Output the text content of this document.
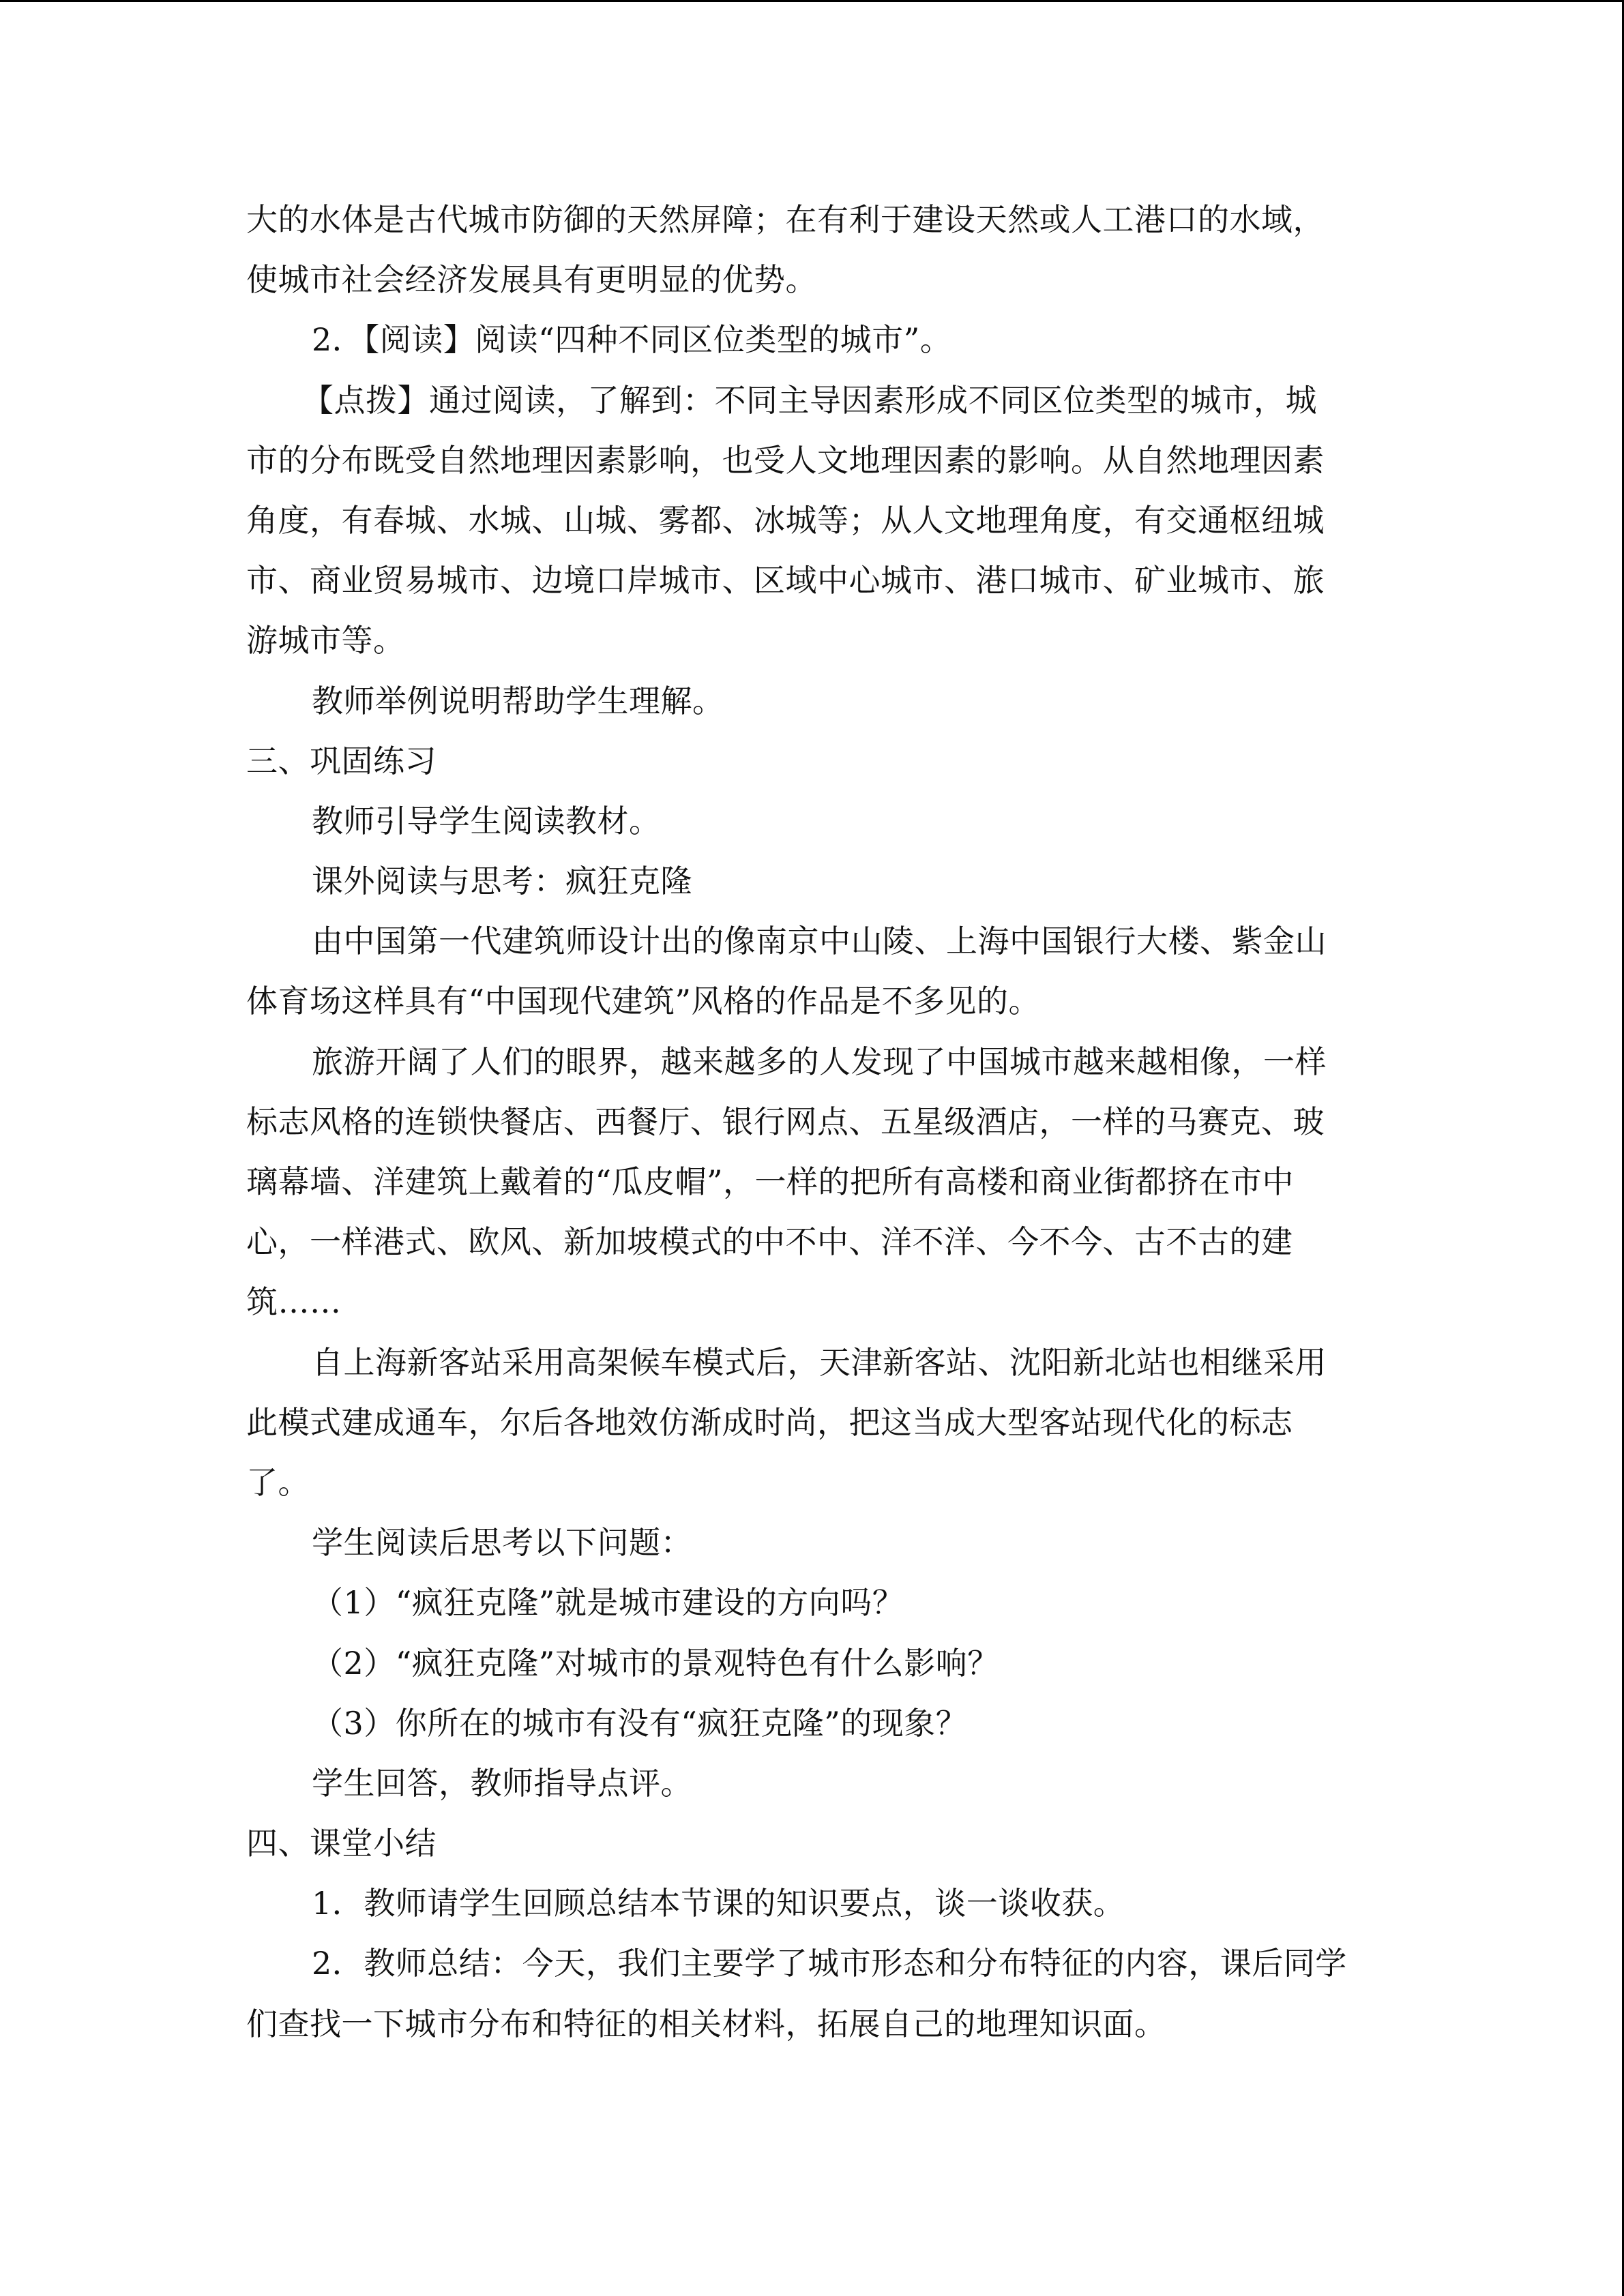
大的水体是古代城市防御的天然屏障；在有利于建设天然或人工港口的水域，
使城市社会经济发展具有更明显的优势。
2．【阅读】阅读“四种不同区位类型的城市”。
【点拨】通过阅读，了解到：不同主导因素形成不同区位类型的城市，城
市的分布既受自然地理因素影响，也受人文地理因素的影响。从自然地理因素
角度，有春城、水城、山城、雾都、冰城等；从人文地理角度，有交通枢纽城
市、商业贸易城市、边境口岸城市、区域中心城市、港口城市、矿业城市、旅
游城市等。
教师举例说明帮助学生理解。
三、巩固练习
教师引导学生阅读教材。
课外阅读与思考：疯狂克隆
由中国第一代建筑师设计出的像南京中山陵、上海中国银行大楼、紫金山
体育场这样具有“中国现代建筑”风格的作品是不多见的。
旅游开阔了人们的眼界，越来越多的人发现了中国城市越来越相像，一样
标志风格的连锁快餐店、西餐厅、银行网点、五星级酒店，一样的马赛克、玻
璃幕墙、洋建筑上戴着的“瓜皮帽”，一样的把所有高楼和商业街都挤在市中
心，一样港式、欧风、新加坡模式的中不中、洋不洋、今不今、古不古的建
筑……
自上海新客站采用高架候车模式后，天津新客站、沈阳新北站也相继采用
此模式建成通车，尔后各地效仿渐成时尚，把这当成大型客站现代化的标志
了。
学生阅读后思考以下问题：
（1）“疯狂克隆”就是城市建设的方向吗？
（2）“疯狂克隆”对城市的景观特色有什么影响？
（3）你所在的城市有没有“疯狂克隆”的现象？
学生回答，教师指导点评。
四、课堂小结
1．教师请学生回顾总结本节课的知识要点，谈一谈收获。
2．教师总结：今天，我们主要学了城市形态和分布特征的内容，课后同学
们查找一下城市分布和特征的相关材料，拓展自己的地理知识面。
